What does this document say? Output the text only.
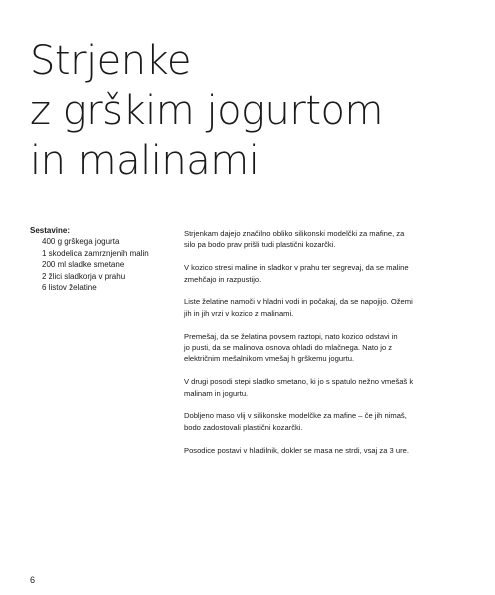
Strjenke
z grškim jogurtom
in malinami
Sestavine:
400 g grškega jogurta
1 skodelica zamrznjenih malin
200 ml sladke smetane
2 žlici sladkorja v prahu
6 listov želatine

Strjenkam dajejo značilno obliko silikonski modelčki za mafine, za
silo pa bodo prav prišli tudi plastični kozarčki.

V kozico stresi maline in sladkor v prahu ter segrevaj, da se maline
zmehčajo in razpustijo.

Liste želatine namoči v hladni vodi in počakaj, da se napojijo. Ožemi
jih in jih vrzi v kozico z malinami.

Premešaj, da se želatina povsem raztopi, nato kozico odstavi in
jo pusti, da se malinova osnova ohladi do mlačnega. Nato jo z
električnim mešalnikom vmešaj h grškemu jogurtu.

V drugi posodi stepi sladko smetano, ki jo s spatulo nežno vmešaš k
malinam in jogurtu.

Dobljeno maso vlij v silikonske modelčke za mafine – če jih nimaš,
bodo zadostovali plastični kozarčki.

Posodice postavi v hladilnik, dokler se masa ne strdi, vsaj za 3 ure.

6
